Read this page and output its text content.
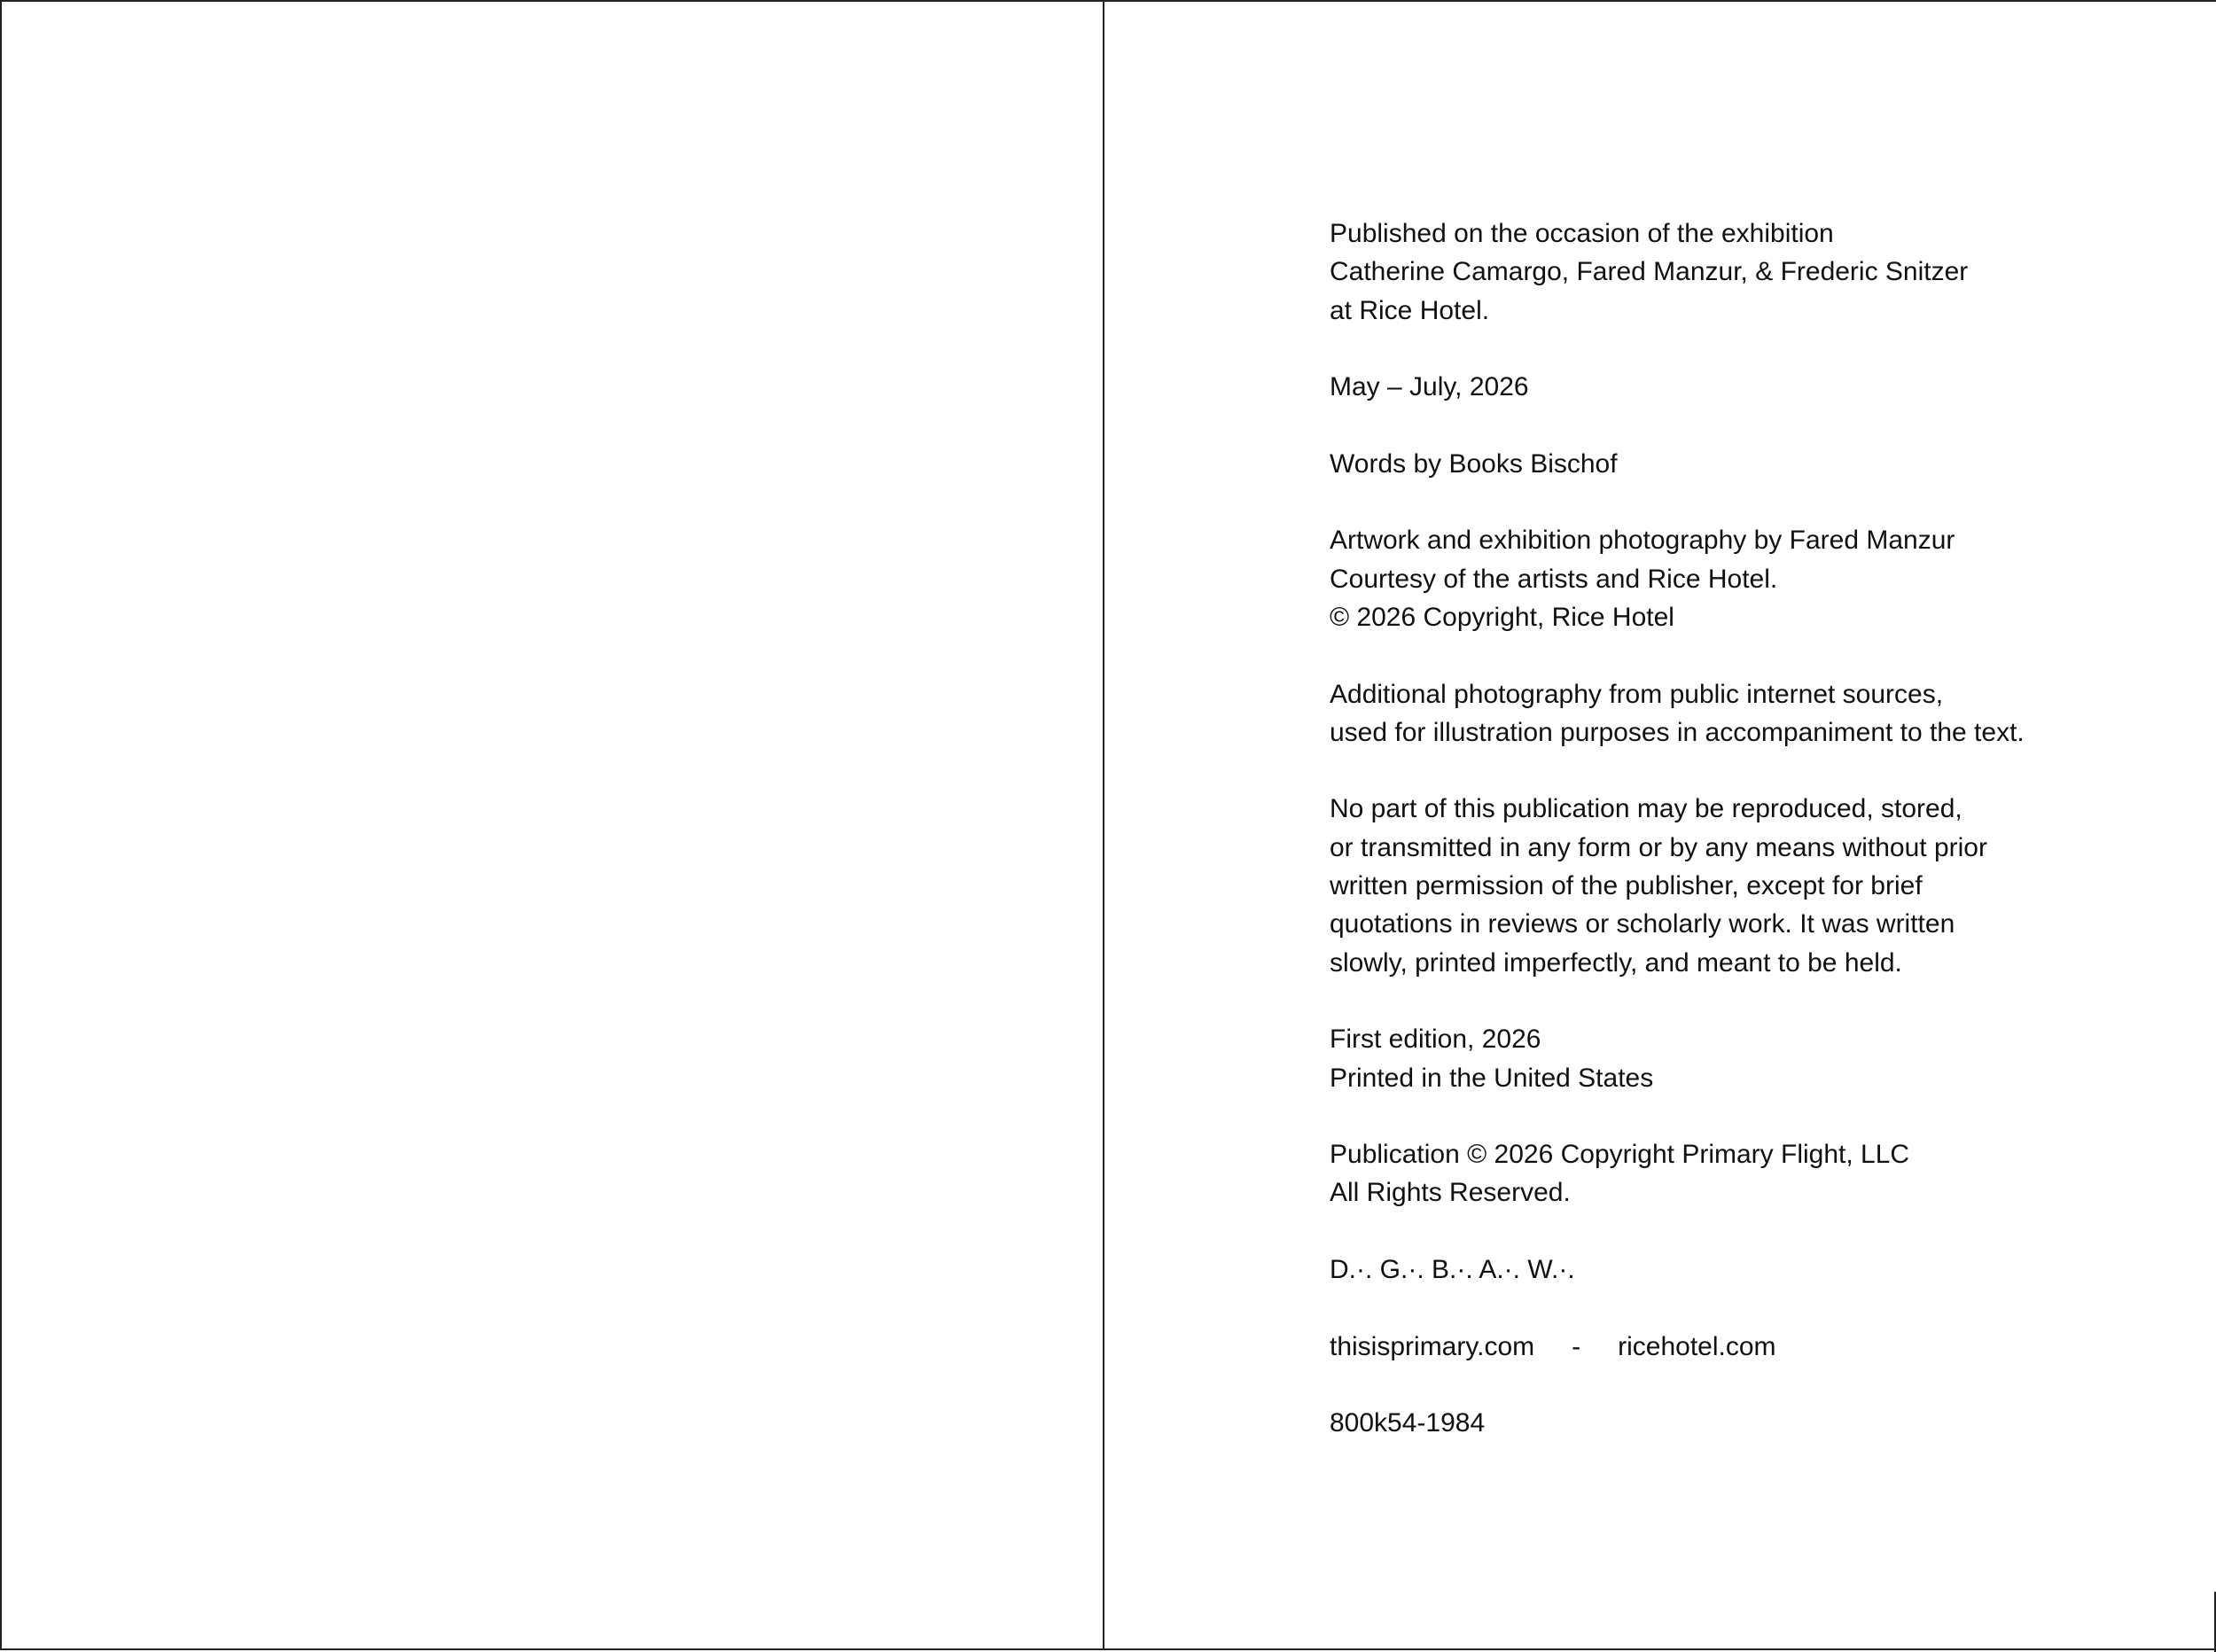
Published on the occasion of the exhibition
Catherine Camargo, Fared Manzur, & Frederic Snitzer
at Rice Hotel.
May – July, 2026
Words by Books Bischof
Artwork and exhibition photography by Fared Manzur
Courtesy of the artists and Rice Hotel.
© 2026 Copyright, Rice Hotel
Additional photography from public internet sources,
used for illustration purposes in accompaniment to the text.
No part of this publication may be reproduced, stored,
or transmitted in any form or by any means without prior
written permission of the publisher, except for brief
quotations in reviews or scholarly work. It was written
slowly, printed imperfectly, and meant to be held.
First edition, 2026
Printed in the United States
Publication © 2026 Copyright Primary Flight, LLC
All Rights Reserved.
D.·. G.·. B.·. A.·. W.·.
thisisprimary.com - ricehotel.com
800k54-1984
